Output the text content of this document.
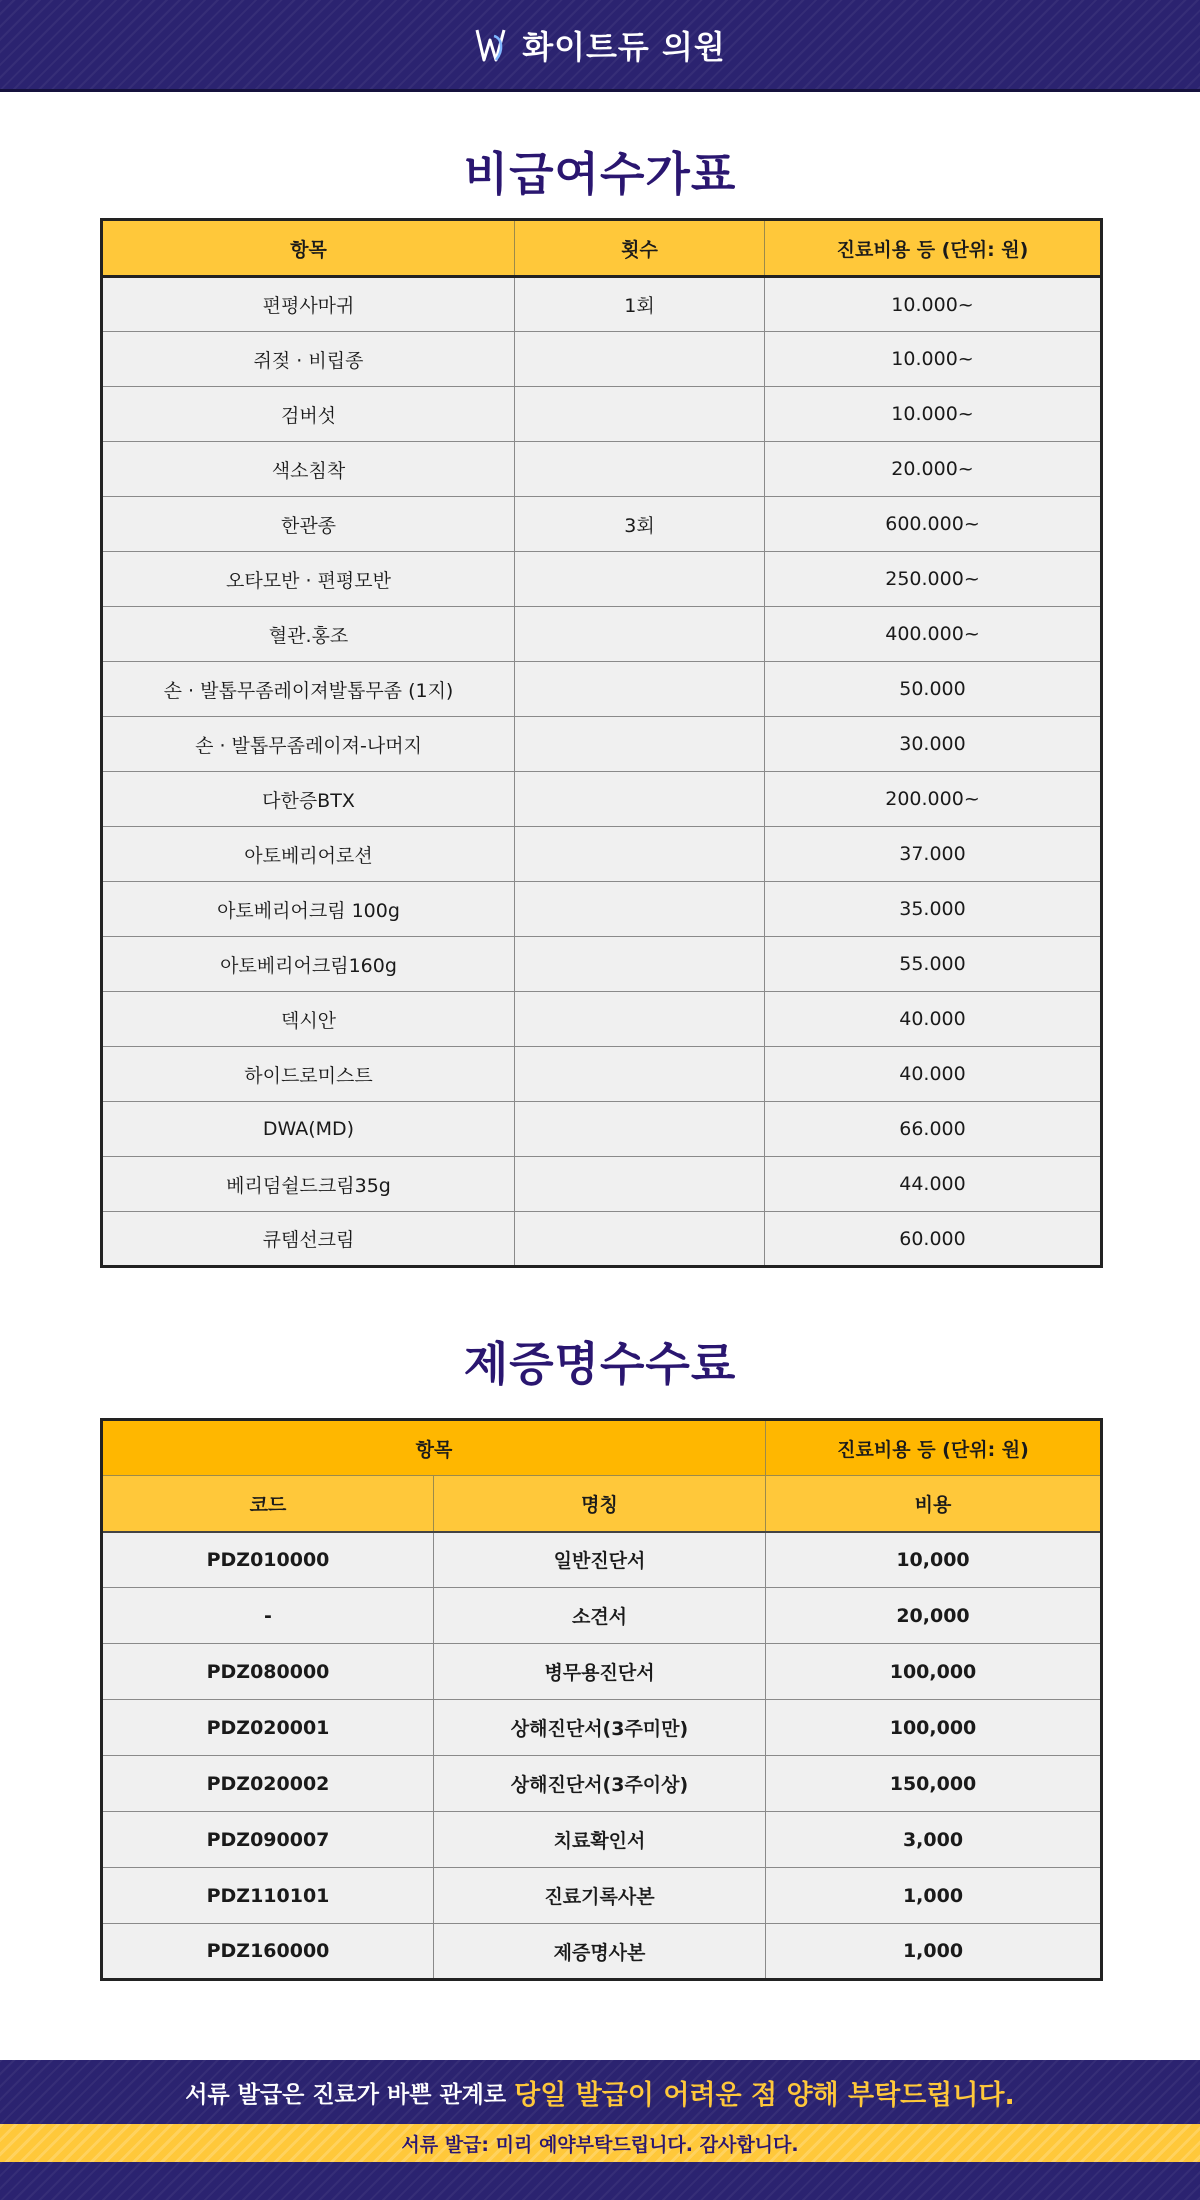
화이트듀 의원
비급여수가표
항목	횟수	진료비용 등 (단위: 원)
편평사마귀	1회	10.000~
쥐젖 · 비립종		10.000~
검버섯		10.000~
색소침착		20.000~
한관종	3회	600.000~
오타모반 · 편평모반		250.000~
혈관.홍조		400.000~
손 · 발톱무좀레이져발톱무좀 (1지)		50.000
손 · 발톱무좀레이져-나머지		30.000
다한증BTX		200.000~
아토베리어로션		37.000
아토베리어크림 100g		35.000
아토베리어크림160g		55.000
덱시안		40.000
하이드로미스트		40.000
DWA(MD)		66.000
베리덤쉴드크림35g		44.000
큐템선크림		60.000
제증명수수료
항목		진료비용 등 (단위: 원)
코드	명칭	비용
PDZ010000	일반진단서	10,000
-	소견서	20,000
PDZ080000	병무용진단서	100,000
PDZ020001	상해진단서(3주미만)	100,000
PDZ020002	상해진단서(3주이상)	150,000
PDZ090007	치료확인서	3,000
PDZ110101	진료기록사본	1,000
PDZ160000	제증명사본	1,000
서류 발급은 진료가 바쁜 관계로 당일 발급이 어려운 점 양해 부탁드립니다.
서류 발급: 미리 예약부탁드립니다. 감사합니다.
